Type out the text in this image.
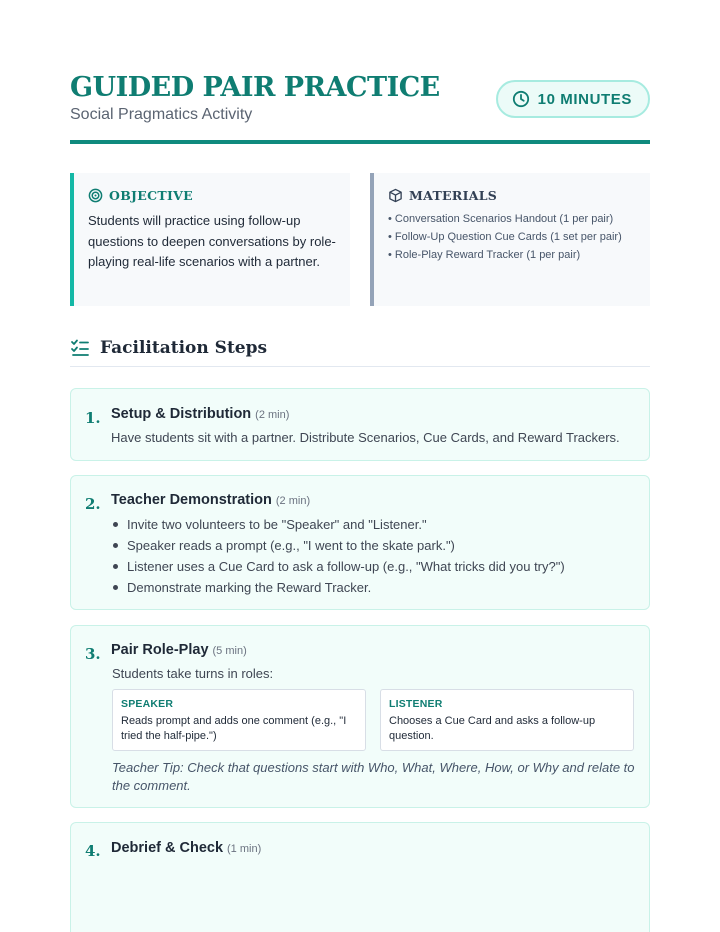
GUIDED PAIR PRACTICE
Social Pragmatics Activity
10 MINUTES
OBJECTIVE
Students will practice using follow-up questions to deepen conversations by role-playing real-life scenarios with a partner.
MATERIALS
• Conversation Scenarios Handout (1 per pair)
• Follow-Up Question Cue Cards (1 set per pair)
• Role-Play Reward Tracker (1 per pair)
Facilitation Steps
1. Setup & Distribution (2 min)
Have students sit with a partner. Distribute Scenarios, Cue Cards, and Reward Trackers.
2. Teacher Demonstration (2 min)
Invite two volunteers to be "Speaker" and "Listener."
Speaker reads a prompt (e.g., "I went to the skate park.")
Listener uses a Cue Card to ask a follow-up (e.g., "What tricks did you try?")
Demonstrate marking the Reward Tracker.
3. Pair Role-Play (5 min)
Students take turns in roles:
SPEAKER
Reads prompt and adds one comment (e.g., "I tried the half-pipe.")
LISTENER
Chooses a Cue Card and asks a follow-up question.
Teacher Tip: Check that questions start with Who, What, Where, How, or Why and relate to the comment.
4. Debrief & Check (1 min)
